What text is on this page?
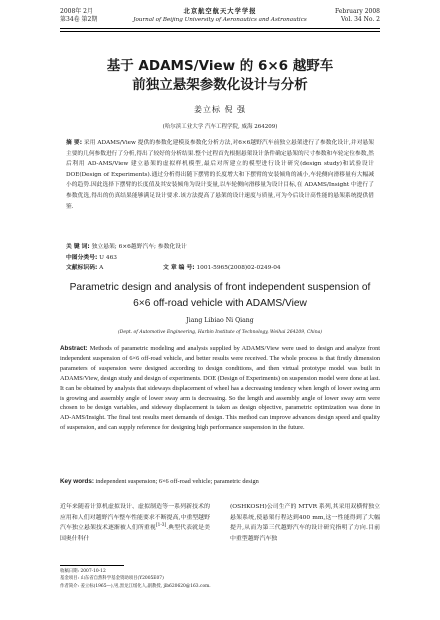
2008年 2月
第34卷 第2期
北京航空航天大学学报
Journal of Beijing University of Aeronautics and Astronautics
February 2008
Vol. 34 No. 2
基于 ADAMS/View 的 6×6 越野车
前独立悬架参数化设计与分析
姜立标 倪 强
(哈尔滨工业大学 汽车工程学院, 威海 264209)
摘 要: 采用 ADAMS/View 提供的参数化建模及参数化分析方法,对6×6越野汽车前独立悬架进行了参数化设计,并对悬架主要的几何参数进行了分析,得出了较好的分析结果.整个过程首先根据悬架设计条件确定悬架的尺寸参数和车轮定位参数,然后利用 AD-AMS/View 建立悬架的虚拟样机模型,最后对所建立的模型进行设计研究(design study)和试验设计 DOE(Design of Experiments).通过分析得出随下摆臂的长度增大和下摆臂的安装倾角的减小,车轮侧向滑移量有大幅减小的趋势.因此选择下摆臂的长度值及其安装倾角为设计变量,以车轮侧向滑移量为设计目标,在 ADAMS/Insight 中进行了参数优选,得出的仿真结果能够满足设计要求.该方法提高了悬架的设计速度与质量,可为今后设计高性能的悬架系统提供借鉴.
关 键 词: 独立悬架; 6×6越野汽车; 参数化设计
中图分类号: U 463
文献标识码: A	文 章 编 号: 1001-5965(2008)02-0249-04
Parametric design and analysis of front independent suspension of
6×6 off-road vehicle with ADAMS/View
Jiang Libiao Ni Qiang
(Dept. of Automotive Engineering, Harbin Institute of Technology, Weihai 264209, China)
Abstract: Methods of parametric modeling and analysis supplied by ADAMS/View were used to design and analyze front independent suspension of 6×6 off-road vehicle, and better results were received. The whole process is that firstly dimension parameters of suspension were designed according to design conditions, and then virtual prototype model was built in ADAMS/View, design study and design of experiments. DOE (Design of Experiments) on suspension model were done at last. It can be obtained by analysis that sideways displacement of wheel has a decreasing tendency when length of lower swing arm is growing and assembly angle of lower sway arm is decreasing. So the length and assembly angle of lower sway arm were chosen to be design variables, and sideway displacement is taken as design objective, parametric optimization was done in AD-AMS/Insight. The final test results meet demands of design. This method can improve advances design speed and quality of suspension, and can supply reference for designing high performance suspension in the future.
Key words: independent suspension; 6×6 off-road vehicle; parametric design
近年来随着计算机虚拟设计、虚拟制造等一系列新技术的应用和人们对越野汽车整车性能要求不断提高,中重型越野汽车独立悬架技术逐渐被人们所重视[1-3].典型代表就是美国奥什科什
(OSHKOSH)公司生产的 MTVR 系列,其采用双横臂独立悬架系统,使悬架行程达到400 mm,这一性能得到了大幅提升,从而为第三代越野汽车的设计研究指明了方向.目前中重型越野汽车独
收稿日期: 2007-10-12
基金项目: 山东省自然科学基金资助项目(Y2005E07)
作者简介: 姜立标(1965—),男,黑龙江绥化人,副教授, jlb620620@163.com.
